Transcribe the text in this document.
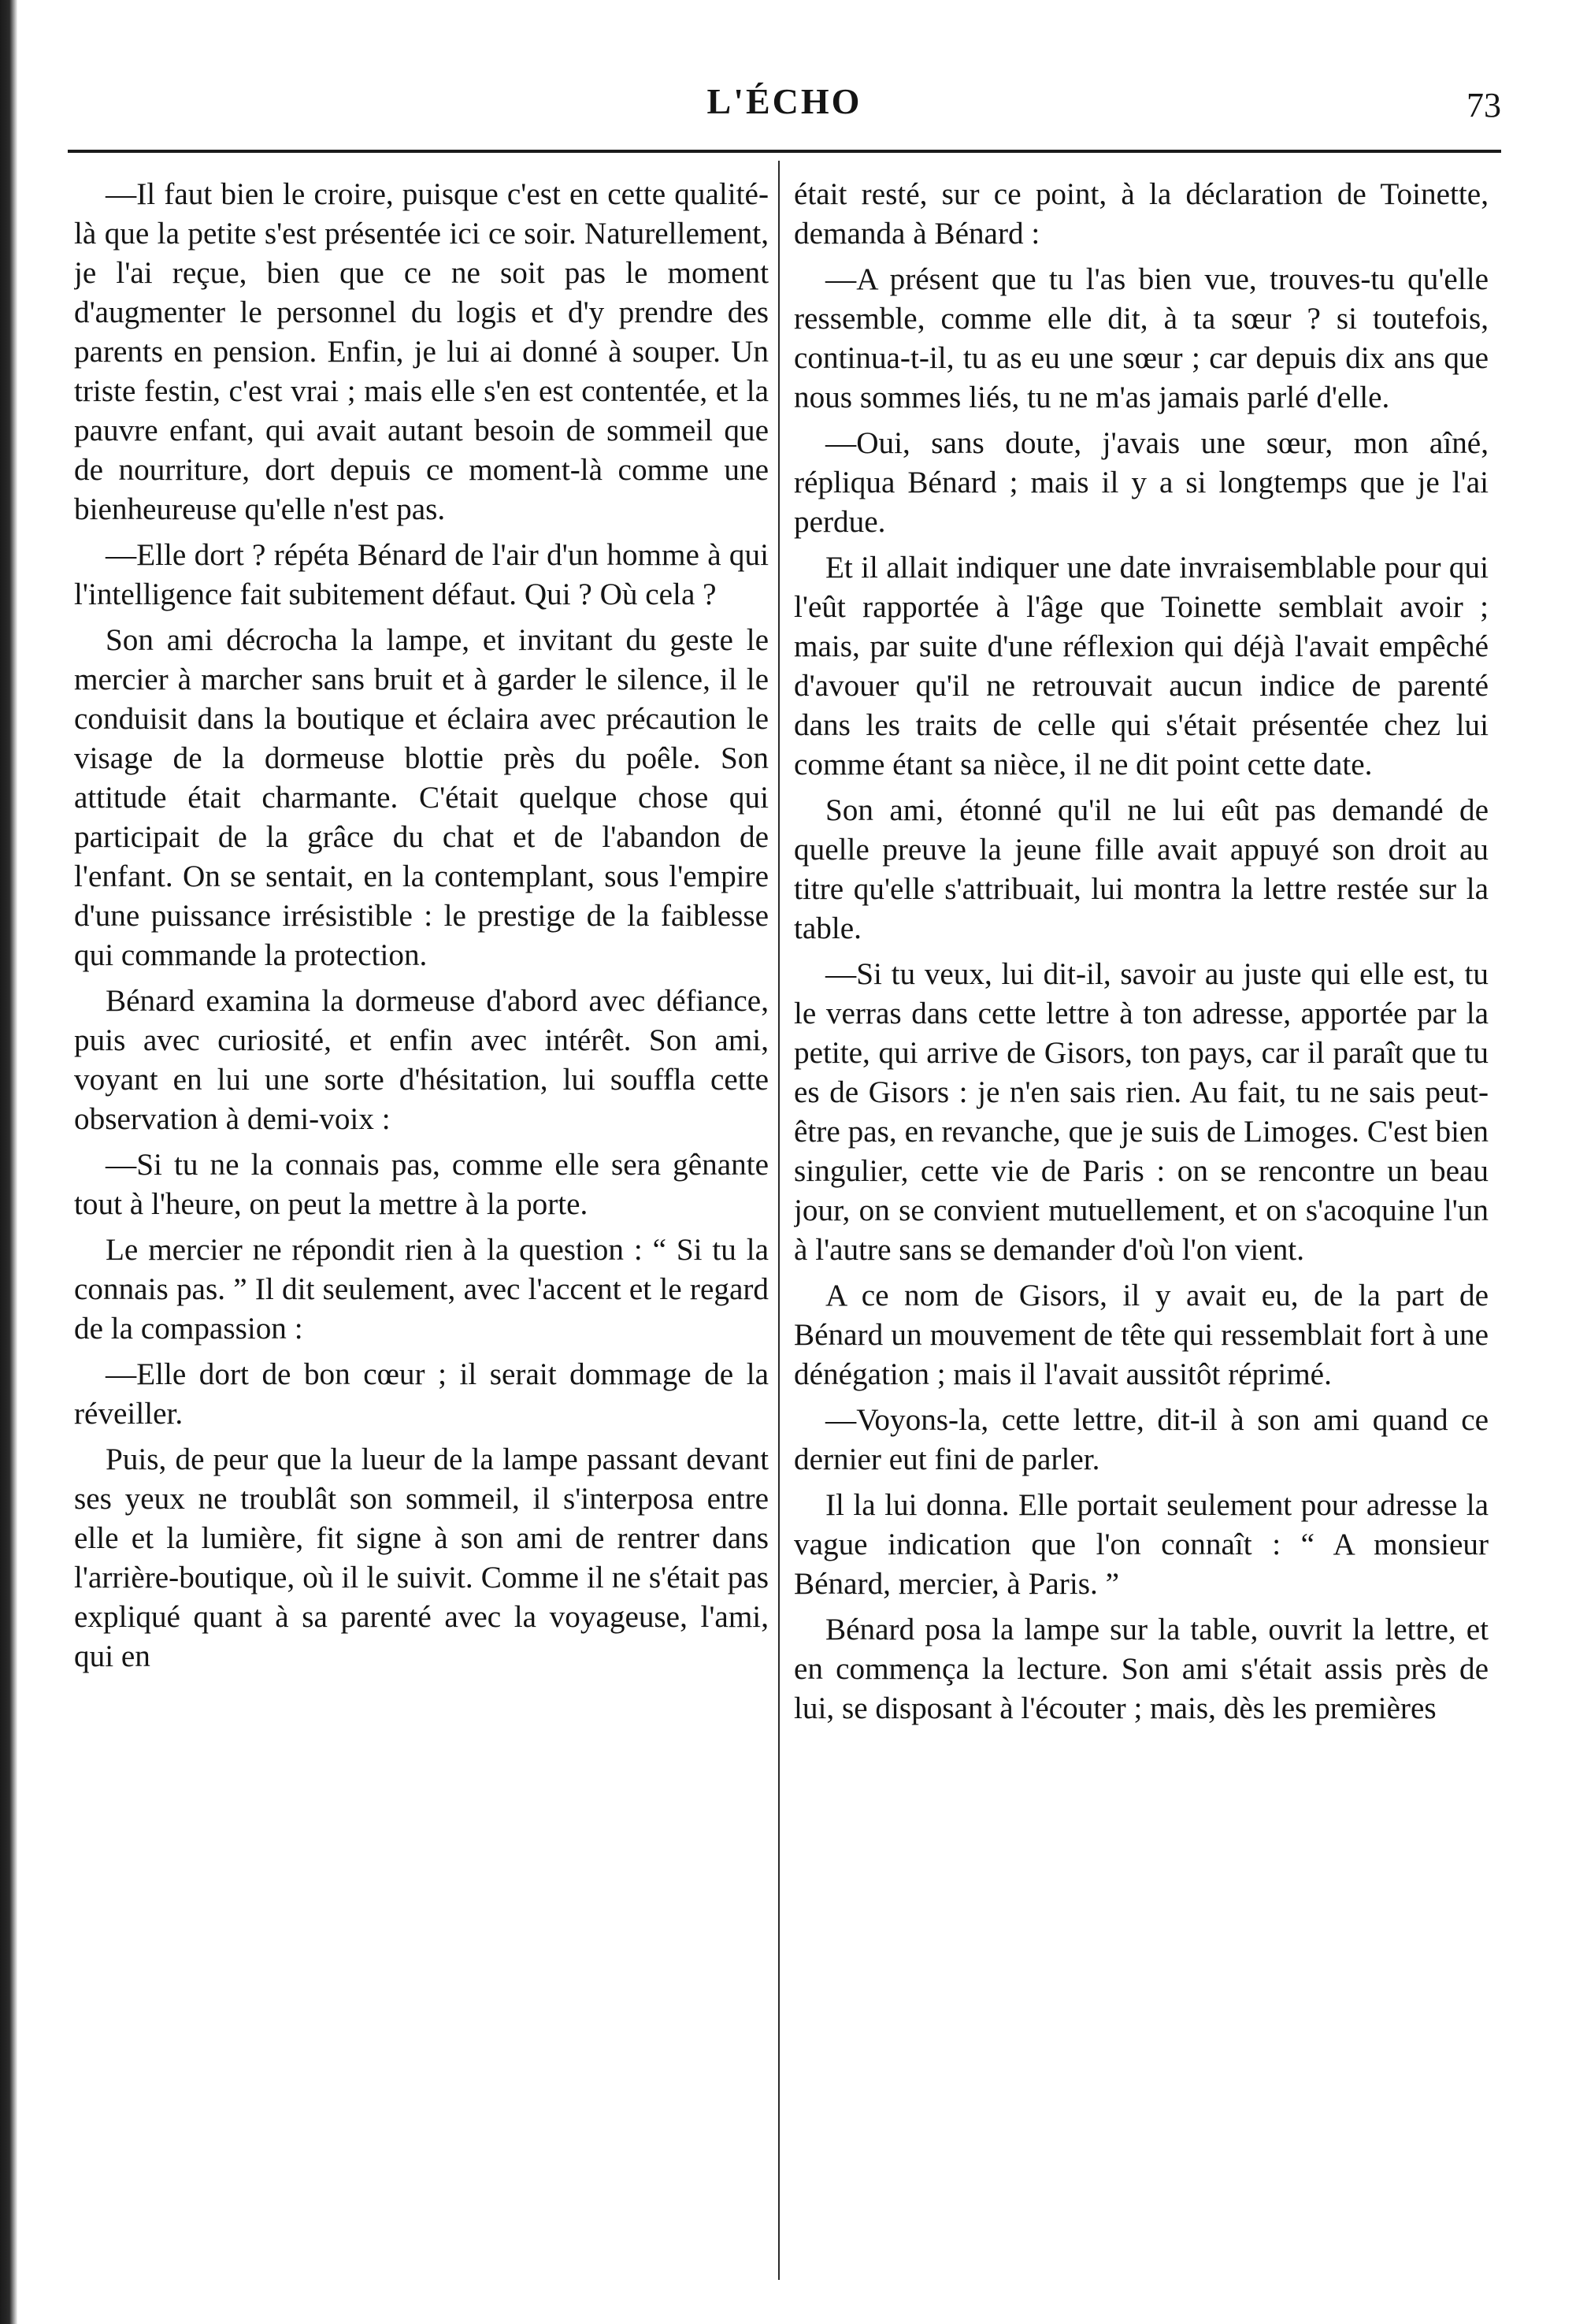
L'ÉCHO	73

—Il faut bien le croire, puisque c'est en cette qualité-là que la petite s'est présentée ici ce soir. Naturellement, je l'ai reçue, bien que ce ne soit pas le moment d'augmenter le personnel du logis et d'y prendre des parents en pension. Enfin, je lui ai donné à souper. Un triste festin, c'est vrai ; mais elle s'en est contentée, et la pauvre enfant, qui avait autant besoin de sommeil que de nourriture, dort depuis ce moment-là comme une bienheureuse qu'elle n'est pas.

—Elle dort ? répéta Bénard de l'air d'un homme à qui l'intelligence fait subitement défaut. Qui ? Où cela ?

Son ami décrocha la lampe, et invitant du geste le mercier à marcher sans bruit et à garder le silence, il le conduisit dans la boutique et éclaira avec précaution le visage de la dormeuse blottie près du poêle. Son attitude était charmante. C'était quelque chose qui participait de la grâce du chat et de l'abandon de l'enfant. On se sentait, en la contemplant, sous l'empire d'une puissance irrésistible : le prestige de la faiblesse qui commande la protection.

Bénard examina la dormeuse d'abord avec défiance, puis avec curiosité, et enfin avec intérêt. Son ami, voyant en lui une sorte d'hésitation, lui souffla cette observation à demi-voix :

—Si tu ne la connais pas, comme elle sera gênante tout à l'heure, on peut la mettre à la porte.

Le mercier ne répondit rien à la question : “ Si tu la connais pas. ” Il dit seulement, avec l'accent et le regard de la compassion :

—Elle dort de bon cœur ; il serait dommage de la réveiller.

Puis, de peur que la lueur de la lampe passant devant ses yeux ne troublât son sommeil, il s'interposa entre elle et la lumière, fit signe à son ami de rentrer dans l'arrière-boutique, où il le suivit. Comme il ne s'était pas expliqué quant à sa parenté avec la voyageuse, l'ami, qui en

était resté, sur ce point, à la déclaration de Toinette, demanda à Bénard :

—A présent que tu l'as bien vue, trouves-tu qu'elle ressemble, comme elle dit, à ta sœur ? si toutefois, continua-t-il, tu as eu une sœur ; car depuis dix ans que nous sommes liés, tu ne m'as jamais parlé d'elle.

—Oui, sans doute, j'avais une sœur, mon aîné, répliqua Bénard ; mais il y a si longtemps que je l'ai perdue.

Et il allait indiquer une date invraisemblable pour qui l'eût rapportée à l'âge que Toinette semblait avoir ; mais, par suite d'une réflexion qui déjà l'avait empêché d'avouer qu'il ne retrouvait aucun indice de parenté dans les traits de celle qui s'était présentée chez lui comme étant sa nièce, il ne dit point cette date.

Son ami, étonné qu'il ne lui eût pas demandé de quelle preuve la jeune fille avait appuyé son droit au titre qu'elle s'attribuait, lui montra la lettre restée sur la table.

—Si tu veux, lui dit-il, savoir au juste qui elle est, tu le verras dans cette lettre à ton adresse, apportée par la petite, qui arrive de Gisors, ton pays, car il paraît que tu es de Gisors : je n'en sais rien. Au fait, tu ne sais peut-être pas, en revanche, que je suis de Limoges. C'est bien singulier, cette vie de Paris : on se rencontre un beau jour, on se convient mutuellement, et on s'acoquine l'un à l'autre sans se demander d'où l'on vient.

A ce nom de Gisors, il y avait eu, de la part de Bénard un mouvement de tête qui ressemblait fort à une dénégation ; mais il l'avait aussitôt réprimé.

—Voyons-la, cette lettre, dit-il à son ami quand ce dernier eut fini de parler.

Il la lui donna. Elle portait seulement pour adresse la vague indication que l'on connaît : “ A monsieur Bénard, mercier, à Paris. ”

Bénard posa la lampe sur la table, ouvrit la lettre, et en commença la lecture. Son ami s'était assis près de lui, se disposant à l'écouter ; mais, dès les premières
